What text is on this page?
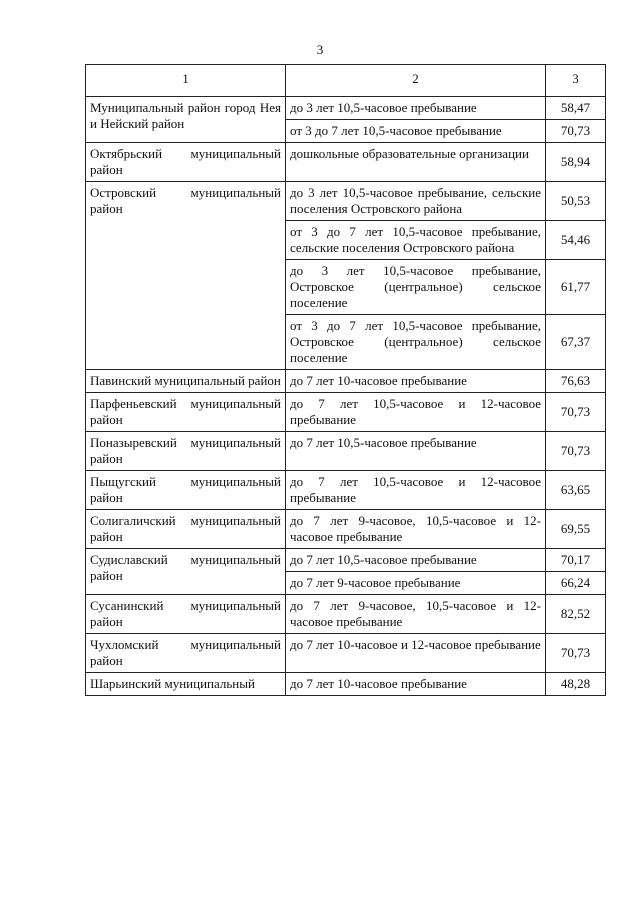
3
1	2	3
Муниципальный район город Нея и Нейский район	до 3 лет 10,5-часовое пребывание	58,47
	от 3 до 7 лет 10,5-часовое пребывание	70,73
Октябрьский муниципальный район	дошкольные образовательные организации	58,94
Островский муниципальный район	до 3 лет 10,5-часовое пребывание, сельские поселения Островского района	50,53
	от 3 до 7 лет 10,5-часовое пребывание, сельские поселения Островского района	54,46
	до 3 лет 10,5-часовое пребывание, Островское (центральное) сельское поселение	61,77
	от 3 до 7 лет 10,5-часовое пребывание, Островское (центральное) сельское поселение	67,37
Павинский муниципальный район	до 7 лет 10-часовое пребывание	76,63
Парфеньевский муниципальный район	до 7 лет 10,5-часовое и 12-часовое пребывание	70,73
Поназыревский муниципальный район	до 7 лет 10,5-часовое пребывание	70,73
Пыщугский муниципальный район	до 7 лет 10,5-часовое и 12-часовое пребывание	63,65
Солигаличский муниципальный район	до 7 лет 9-часовое, 10,5-часовое и 12-часовое пребывание	69,55
Судиславский муниципальный район	до 7 лет 10,5-часовое пребывание	70,17
	до 7 лет 9-часовое пребывание	66,24
Сусанинский муниципальный район	до 7 лет 9-часовое, 10,5-часовое и 12-часовое пребывание	82,52
Чухломский муниципальный район	до 7 лет 10-часовое и 12-часовое пребывание	70,73
Шарьинский муниципальный	до 7 лет 10-часовое пребывание	48,28
